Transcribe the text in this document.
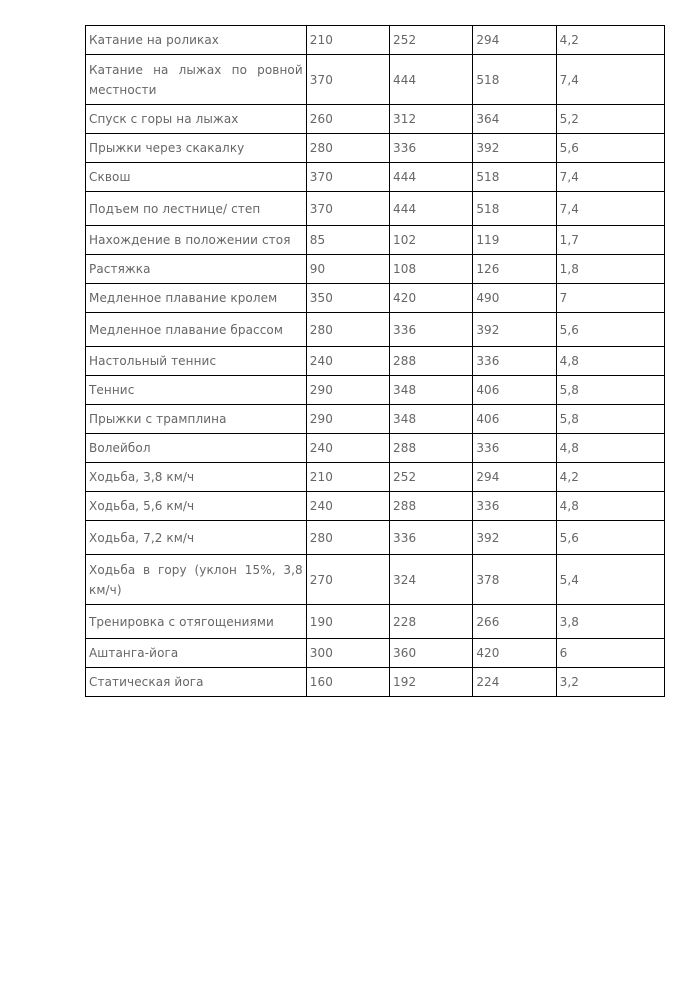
Катание на роликах	210	252	294	4,2
Катание на лыжах по ровной местности	370	444	518	7,4
Спуск с горы на лыжах	260	312	364	5,2
Прыжки через скакалку	280	336	392	5,6
Сквош	370	444	518	7,4
Подъем по лестнице/ степ	370	444	518	7,4
Нахождение в положении стоя	85	102	119	1,7
Растяжка	90	108	126	1,8
Медленное плавание кролем	350	420	490	7
Медленное плавание брассом	280	336	392	5,6
Настольный теннис	240	288	336	4,8
Теннис	290	348	406	5,8
Прыжки с трамплина	290	348	406	5,8
Волейбол	240	288	336	4,8
Ходьба, 3,8 км/ч	210	252	294	4,2
Ходьба, 5,6 км/ч	240	288	336	4,8
Ходьба, 7,2 км/ч	280	336	392	5,6
Ходьба в гору (уклон 15%, 3,8 км/ч)	270	324	378	5,4
Тренировка с отягощениями	190	228	266	3,8
Аштанга-йога	300	360	420	6
Статическая йога	160	192	224	3,2
